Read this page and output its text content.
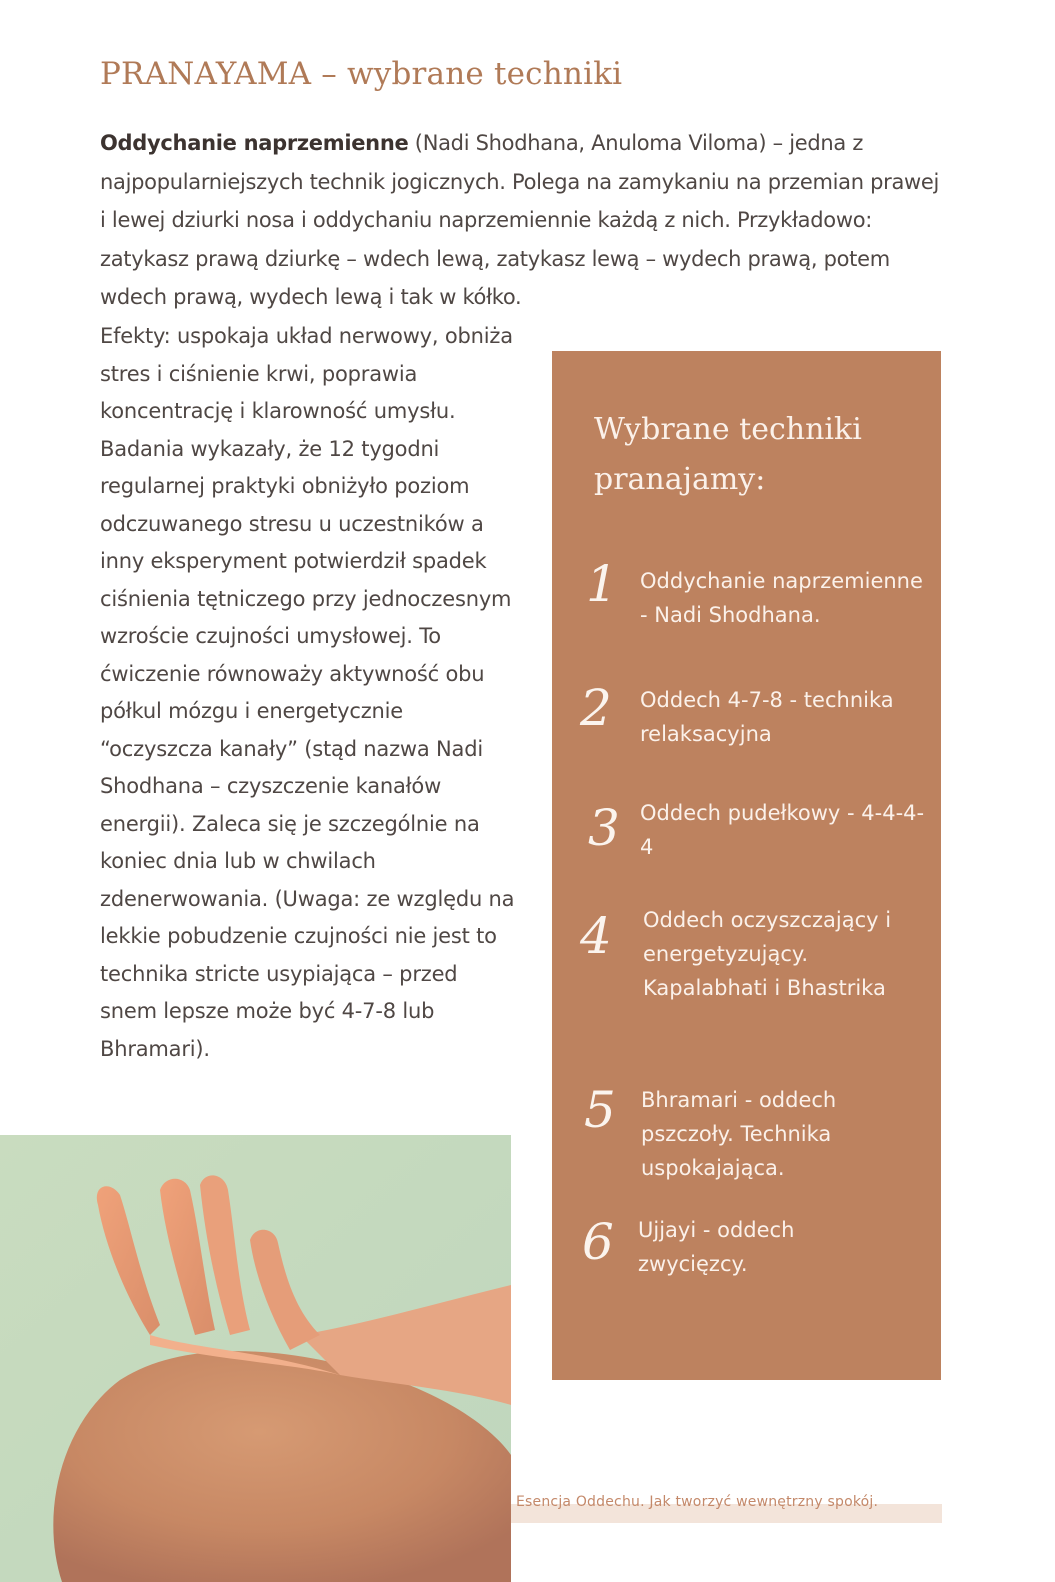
PRANAYAMA – wybrane techniki
Oddychanie naprzemienne (Nadi Shodhana, Anuloma Viloma) – jedna z najpopularniejszych technik jogicznych. Polega na zamykaniu na przemian prawej i lewej dziurki nosa i oddychaniu naprzemiennie każdą z nich. Przykładowo: zatykasz prawą dziurkę – wdech lewą, zatykasz lewą – wydech prawą, potem wdech prawą, wydech lewą i tak w kółko.
Efekty: uspokaja układ nerwowy, obniża stres i ciśnienie krwi, poprawia koncentrację i klarowność umysłu. Badania wykazały, że 12 tygodni regularnej praktyki obniżyło poziom odczuwanego stresu u uczestników a inny eksperyment potwierdził spadek ciśnienia tętniczego przy jednoczesnym wzroście czujności umysłowej. To ćwiczenie równoważy aktywność obu półkul mózgu i energetycznie “oczyszcza kanały” (stąd nazwa Nadi Shodhana – czyszczenie kanałów energii). Zaleca się je szczególnie na koniec dnia lub w chwilach zdenerwowania. (Uwaga: ze względu na lekkie pobudzenie czujności nie jest to technika stricte usypiająca – przed snem lepsze może być 4-7-8 lub Bhramari).
Wybrane techniki pranajamy:
1 Oddychanie naprzemienne - Nadi Shodhana.
2 Oddech 4-7-8 - technika relaksacyjna
3 Oddech pudełkowy - 4-4-4-4
4 Oddech oczyszczający i energetyzujący. Kapalabhati i Bhastrika
5 Bhramari - oddech pszczoły. Technika uspokajająca.
6 Ujjayi - oddech zwycięzcy.
Esencja Oddechu. Jak tworzyć wewnętrzny spokój.
